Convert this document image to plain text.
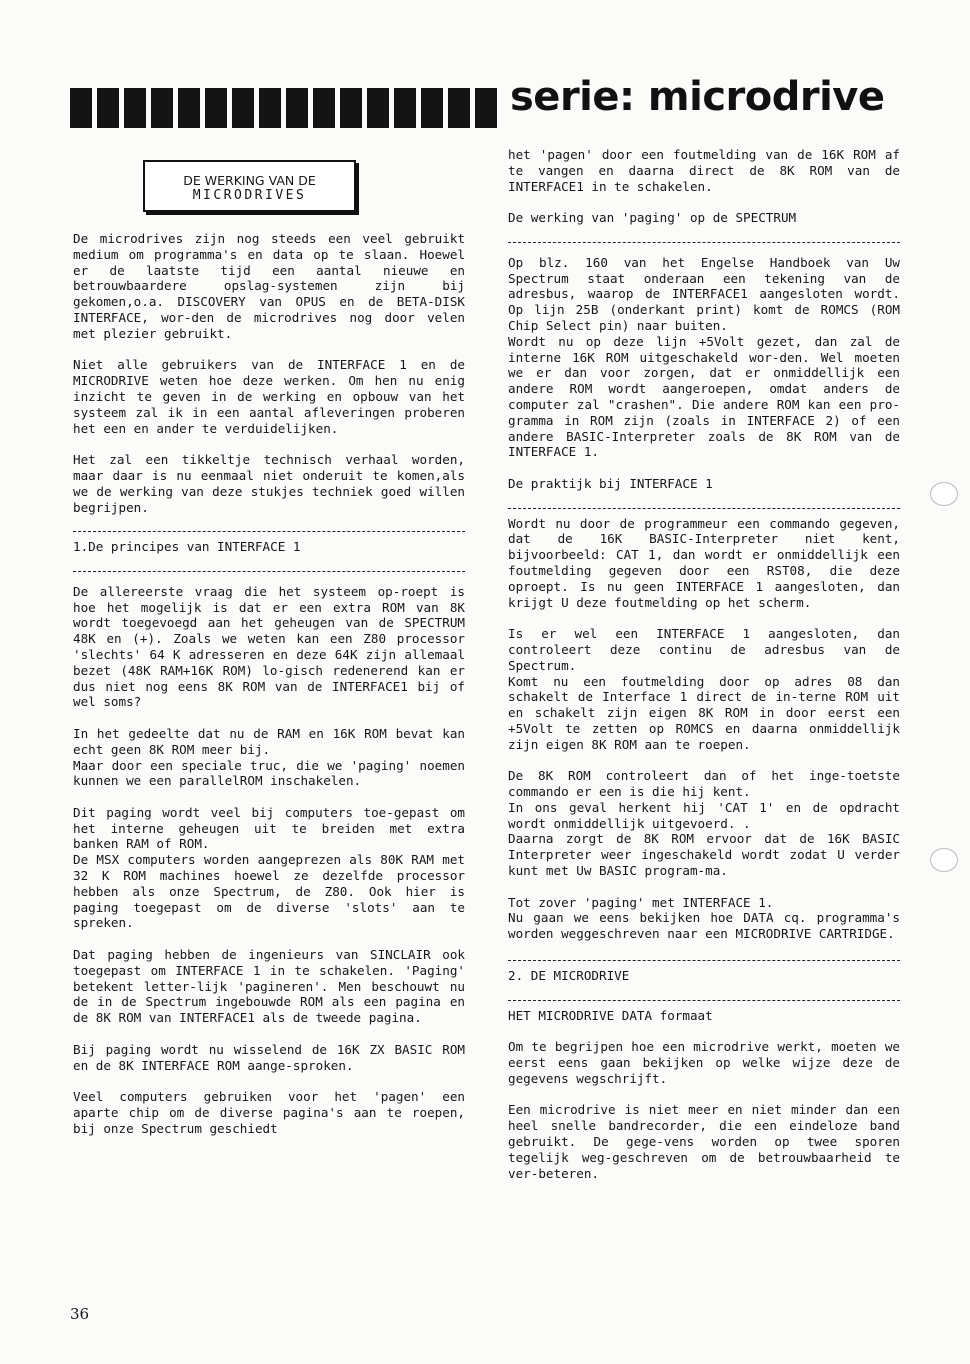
serie: microdrive
DE WERKING VAN DE
MICRODRIVES

De microdrives zijn nog steeds een veel gebruikt medium om programma's en data op te slaan. Hoewel er de laatste tijd een aantal nieuwe en betrouwbaardere opslag-systemen zijn bij gekomen,o.a. DISCOVERY van OPUS en de BETA-DISK INTERFACE, wor-den de microdrives nog door velen met plezier gebruikt.

Niet alle gebruikers van de INTERFACE 1 en de MICRODRIVE weten hoe deze werken. Om hen nu enig inzicht te geven in de werking en opbouw van het systeem zal ik in een aantal afleveringen proberen het een en ander te verduidelijken.

Het zal een tikkeltje technisch verhaal worden, maar daar is nu eenmaal niet onderuit te komen,als we de werking van deze stukjes techniek goed willen begrijpen.

1.De principes van INTERFACE 1

De allereerste vraag die het systeem op-roept is hoe het mogelijk is dat er een extra ROM van 8K wordt toegevoegd aan het geheugen van de SPECTRUM 48K en (+). Zoals we weten kan een Z80 processor 'slechts' 64 K adresseren en deze 64K zijn allemaal bezet (48K RAM+16K ROM) lo-gisch redenerend kan er dus niet nog eens 8K ROM van de INTERFACE1 bij of wel soms?

In het gedeelte dat nu de RAM en 16K ROM bevat kan echt geen 8K ROM meer bij.

Maar door een speciale truc, die we 'paging' noemen kunnen we een parallelROM inschakelen.

Dit paging wordt veel bij computers toe-gepast om het interne geheugen uit te breiden met extra banken RAM of ROM.

De MSX computers worden aangeprezen als 80K RAM met 32 K ROM machines hoewel ze dezelfde processor hebben als onze Spectrum, de Z80. Ook hier is paging toegepast om de diverse 'slots' aan te spreken.

Dat paging hebben de ingenieurs van SINCLAIR ook toegepast om INTERFACE 1 in te schakelen. 'Paging' betekent letter-lijk 'pagineren'. Men beschouwt nu de in de Spectrum ingebouwde ROM als een pagina en de 8K ROM van INTERFACE1 als de tweede pagina.

Bij paging wordt nu wisselend de 16K ZX BASIC ROM en de 8K INTERFACE ROM aange-sproken.

Veel computers gebruiken voor het 'pagen' een aparte chip om de diverse pagina's aan te roepen, bij onze Spectrum geschiedt

het 'pagen' door een foutmelding van de 16K ROM af te vangen en daarna direct de 8K ROM van de INTERFACE1 in te schakelen.

De werking van 'paging' op de SPECTRUM

Op blz. 160 van het Engelse Handboek van Uw Spectrum staat onderaan een tekening van de adresbus, waarop de INTERFACE1 aangesloten wordt. Op lijn 25B (onderkant print) komt de ROMCS (ROM Chip Select pin) naar buiten.

Wordt nu op deze lijn +5Volt gezet, dan zal de interne 16K ROM uitgeschakeld wor-den. Wel moeten we er dan voor zorgen, dat er onmiddellijk een andere ROM wordt aangeroepen, omdat anders de computer zal "crashen". Die andere ROM kan een pro-gramma in ROM zijn (zoals in INTERFACE 2) of een andere BASIC-Interpreter zoals de 8K ROM van de INTERFACE 1.

De praktijk bij INTERFACE 1

Wordt nu door de programmeur een commando gegeven, dat de 16K BASIC-Interpreter niet kent, bijvoorbeeld: CAT 1, dan wordt er onmiddellijk een foutmelding gegeven door een RST08, die deze oproept. Is nu geen INTERFACE 1 aangesloten, dan krijgt U deze foutmelding op het scherm.

Is er wel een INTERFACE 1 aangesloten, dan controleert deze continu de adresbus van de Spectrum.

Komt nu een foutmelding door op adres 08 dan schakelt de Interface 1 direct de in-terne ROM uit en schakelt zijn eigen 8K ROM in door eerst een +5Volt te zetten op ROMCS en daarna onmiddellijk zijn eigen 8K ROM aan te roepen.

De 8K ROM controleert dan of het inge-toetste commando er een is die hij kent.

In ons geval herkent hij 'CAT 1' en de opdracht wordt onmiddellijk uitgevoerd. .

Daarna zorgt de 8K ROM ervoor dat de 16K BASIC Interpreter weer ingeschakeld wordt zodat U verder kunt met Uw BASIC program-ma.

Tot zover 'paging' met INTERFACE 1.

Nu gaan we eens bekijken hoe DATA cq. programma's worden weggeschreven naar een MICRODRIVE CARTRIDGE.

2. DE MICRODRIVE

HET MICRODRIVE DATA formaat

Om te begrijpen hoe een microdrive werkt, moeten we eerst eens gaan bekijken op welke wijze deze de gegevens wegschrijft.

Een microdrive is niet meer en niet minder dan een heel snelle bandrecorder, die een eindeloze band gebruikt. De gege-vens worden op twee sporen tegelijk weg-geschreven om de betrouwbaarheid te ver-beteren.

36
